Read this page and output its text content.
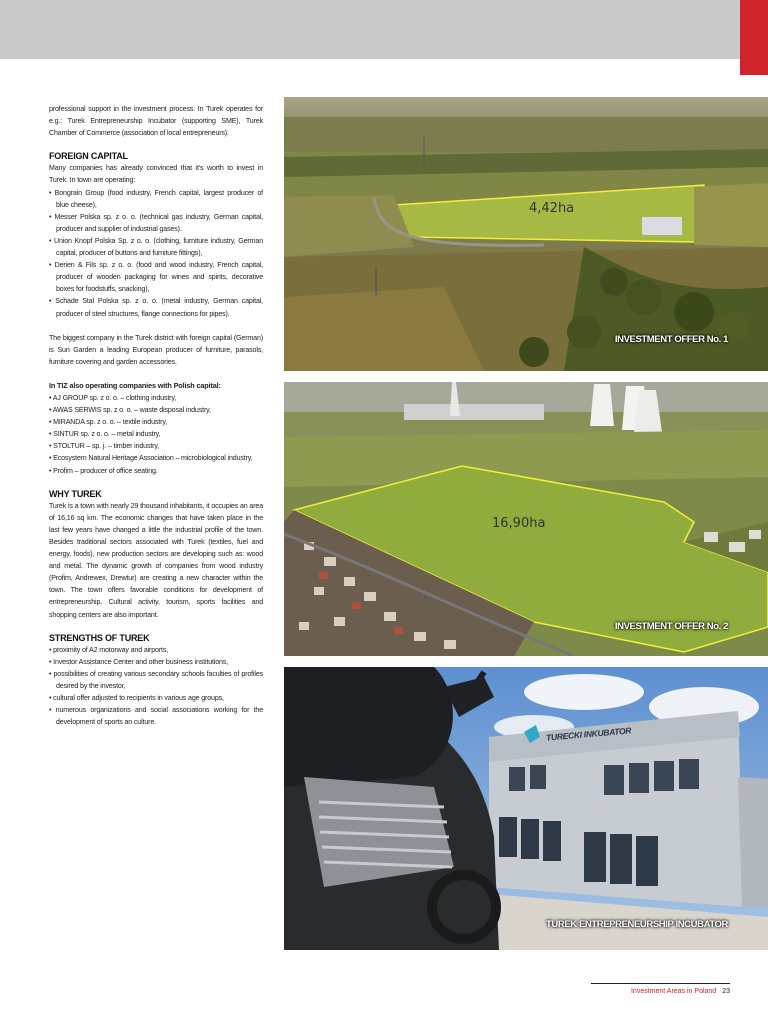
professional support in the investment process. In Turek operates for e.g.: Turek Entrepreneurship Incubator (supporting SME), Turek Chamber of Commerce (association of local entrepreneurs).

FOREIGN CAPITAL

Many companies has already convinced that it's worth to invest in Turek. In town are operating:

• Bongrain Group (food industry, French capital, largest producer of blue cheese),
• Messer Polska sp. z o. o. (technical gas industry, German capital, producer and supplier of industrial gases).
• Union Knopf Polska Sp. z o. o. (clothing, furniture industry, German capital, producer of buttons and furniture fittings),
• Derien & Fils sp. z o. o. (food and wood industry, French capital, producer of wooden packaging for wines and spirits, decorative boxes for foodstuffs, snacking),
• Schade Stal Polska sp. z o. o. (metal industry, German capital, producer of steel structures, flange connections for pipes).

The biggest company in the Turek district with foreign capital (German) is Sun Garden a leading European producer of furniture, parasols, furniture covering and garden accessories.

In TIZ also operating companies with Polish capital:
• AJ GROUP sp. z o. o. – clothing industry,
• AWAS SERWIS sp. z o. o. – waste disposal industry,
• MIRANDA sp. z o. o. – textile industry,
• SINTUR sp. z o. o. – metal industry,
• STOLTUR – sp. j. – timber industry,
• Ecosystem Natural Heritage Association – microbiological industry,
• Profim – producer of office seating.
WHY TUREK

Turek is a town with nearly 29 thousand inhabitants, it occupies an area of 16,16 sq km. The economic changes that have taken place in the last few years have changed a little the industrial profile of the town. Besides traditional sectors associated with Turek (textiles, fuel and energy, foods), new production sectors are developing such as: wood and metal. The dynamic growth of companies from wood industry (Profim, Andrewex, Drewtur) are creating a new character within the town. The town offers favorable conditions for development of entrepreneurship. Cultural activity, tourism, sports facilities and shopping centers are also important.

STRENGTHS OF TUREK
• proximity of A2 motorway and airports,
• Investor Assistance Center and other business institutions,
• possibilities of creating various secondary schools faculties of profiles desired by the investor,
• cultural offer adjusted to recipients in various age groups,
• numerous organizations and social associations working for the development of sports an culture.
4,42ha
INVESTMENT OFFER No. 1
16,90ha
INVESTMENT OFFER No. 2
TURECKI INKUBATOR
TUREK ENTREPRENEURSHIP INCUBATOR
Investment Areas in Poland 23
